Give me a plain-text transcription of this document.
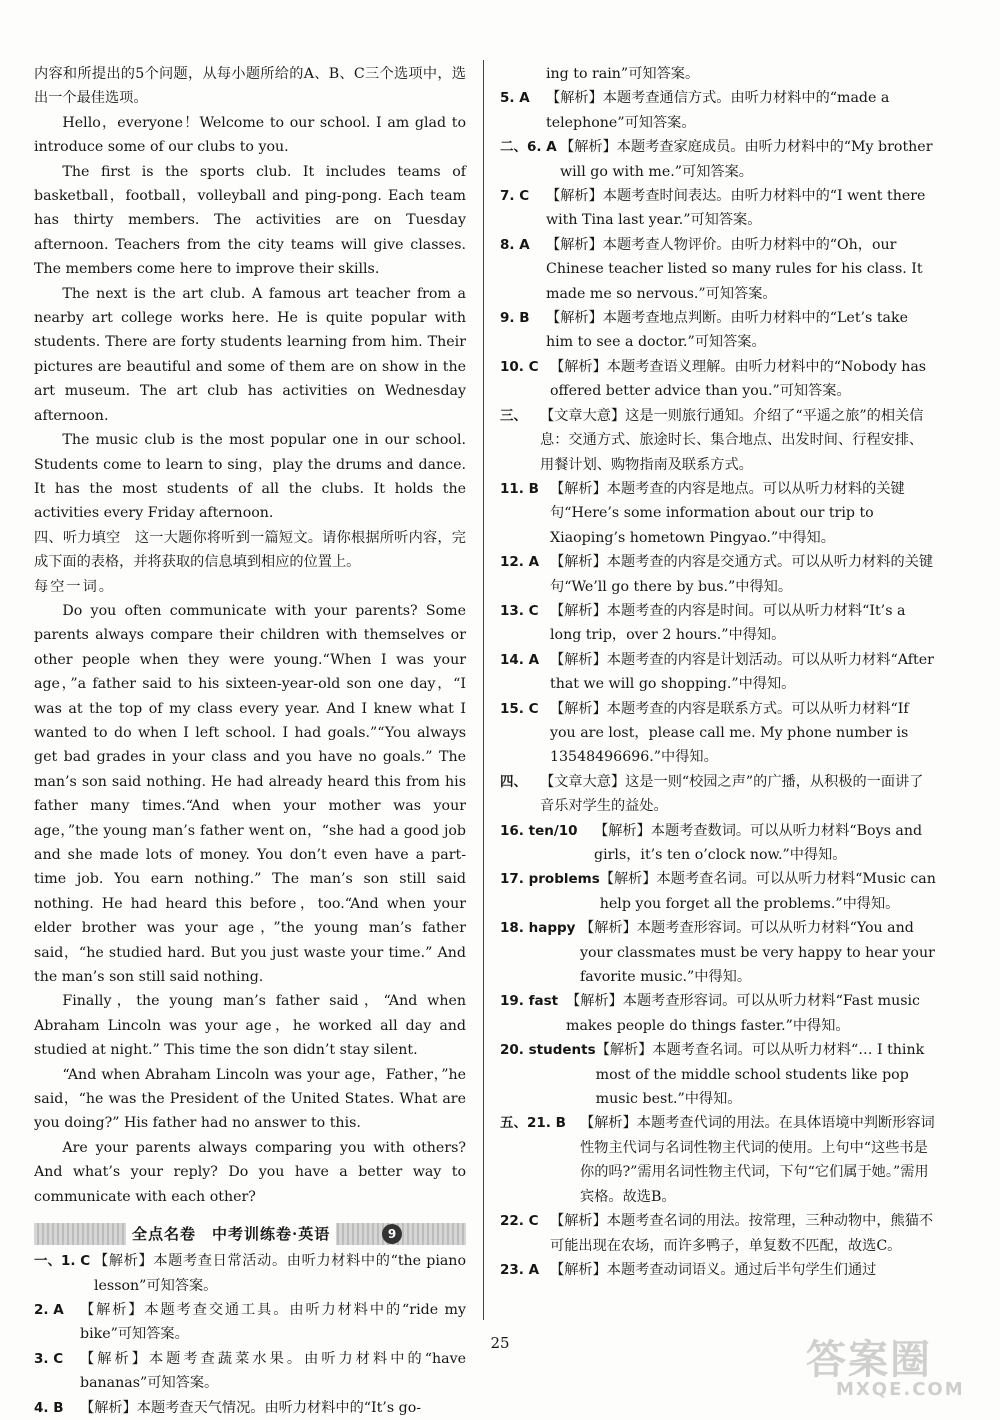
内容和所提出的5个问题，从每小题所给的A、B、C三个选项中，选出一个最佳选项。

Hello，everyone！Welcome to our school. I am glad to introduce some of our clubs to you.

The first is the sports club. It includes teams of basketball，football，volleyball and ping-pong. Each team has thirty members. The activities are on Tuesday afternoon. Teachers from the city teams will give classes. The members come here to improve their skills.

The next is the art club. A famous art teacher from a nearby art college works here. He is quite popular with students. There are forty students learning from him. Their pictures are beautiful and some of them are on show in the art museum. The art club has activities on Wednesday afternoon.

The music club is the most popular one in our school. Students come to learn to sing，play the drums and dance. It has the most students of all the clubs. It holds the activities every Friday afternoon.

四、听力填空　这一大题你将听到一篇短文。请你根据所听内容，完成下面的表格，并将获取的信息填到相应的位置上。

每空一词。

Do you often communicate with your parents? Some parents always compare their children with themselves or other people when they were young.“When I was your age，”a father said to his sixteen-year-old son one day，“I was at the top of my class every year. And I knew what I wanted to do when I left school. I had goals.”“You always get bad grades in your class and you have no goals.” The man’s son said nothing. He had already heard this from his father many times.“And when your mother was your age，”the young man’s father went on，“she had a good job and she made lots of money. You don’t even have a part-time job. You earn nothing.” The man’s son still said nothing. He had heard this before，too.“And when your elder brother was your age，”the young man’s father said，“he studied hard. But you just waste your time.” And the man’s son still said nothing.

Finally，the young man’s father said，“And when Abraham Lincoln was your age，he worked all day and studied at night.” This time the son didn’t stay silent.

“And when Abraham Lincoln was your age，Father，”he said，“he was the President of the United States. What are you doing?” His father had no answer to this.

Are your parents always comparing you with others? And what’s your reply? Do you have a better way to communicate with each other?

全点名卷　中考训练卷·英语	9
一、1. C 【解析】本题考查日常活动。由听力材料中的“the piano lesson”可知答案。
2. A	【解析】本题考查交通工具。由听力材料中的“ride my bike”可知答案。
3. C	【解析】本题考查蔬菜水果。由听力材料中的“have bananas”可知答案。
4. B	【解析】本题考查天气情况。由听力材料中的“It’s go-

ing to rain”可知答案。

5. A	【解析】本题考查通信方式。由听力材料中的“made a telephone”可知答案。
二、6. A 【解析】本题考查家庭成员。由听力材料中的“My brother will go with me.”可知答案。
7. C	【解析】本题考查时间表达。由听力材料中的“I went there with Tina last year.”可知答案。
8. A	【解析】本题考查人物评价。由听力材料中的“Oh，our Chinese teacher listed so many rules for his class. It made me so nervous.”可知答案。
9. B	【解析】本题考查地点判断。由听力材料中的“Let’s take him to see a doctor.”可知答案。
10. C 【解析】本题考查语义理解。由听力材料中的“Nobody has offered better advice than you.”可知答案。
三、 【文章大意】这是一则旅行通知。介绍了“平遥之旅”的相关信息：交通方式、旅途时长、集合地点、出发时间、行程安排、用餐计划、购物指南及联系方式。
11. B 【解析】本题考查的内容是地点。可以从听力材料的关键句“Here’s some information about our trip to Xiaoping’s hometown Pingyao.”中得知。
12. A 【解析】本题考查的内容是交通方式。可以从听力材料的关键句“We’ll go there by bus.”中得知。
13. C 【解析】本题考查的内容是时间。可以从听力材料“It’s a long trip，over 2 hours.”中得知。
14. A 【解析】本题考查的内容是计划活动。可以从听力材料“After that we will go shopping.”中得知。
15. C 【解析】本题考查的内容是联系方式。可以从听力材料“If you are lost，please call me. My phone number is 13548496696.”中得知。
四、 【文章大意】这是一则“校园之声”的广播，从积极的一面讲了音乐对学生的益处。
16. ten/10	【解析】本题考查数词。可以从听力材料“Boys and girls，it’s ten o’clock now.”中得知。
17. problems 【解析】本题考查名词。可以从听力材料“Music can help you forget all the problems.”中得知。
18. happy 【解析】本题考查形容词。可以从听力材料“You and your classmates must be very happy to hear your favorite music.”中得知。
19. fast 【解析】本题考查形容词。可以从听力材料“Fast music makes people do things faster.”中得知。
20. students 【解析】本题考查名词。可以从听力材料“… I think most of the middle school students like pop music best.”中得知。
五、21. B 【解析】本题考查代词的用法。在具体语境中判断形容词性物主代词与名词性物主代词的使用。上句中“这些书是你的吗?”需用名词性物主代词，下句“它们属于她。”需用宾格。故选B。
22. C 【解析】本题考查名词的用法。按常理，三种动物中，熊猫不可能出现在农场，而许多鸭子，单复数不匹配，故选C。
23. A 【解析】本题考查动词语义。通过后半句学生们通过
25	答案圈
MXQE.COM
